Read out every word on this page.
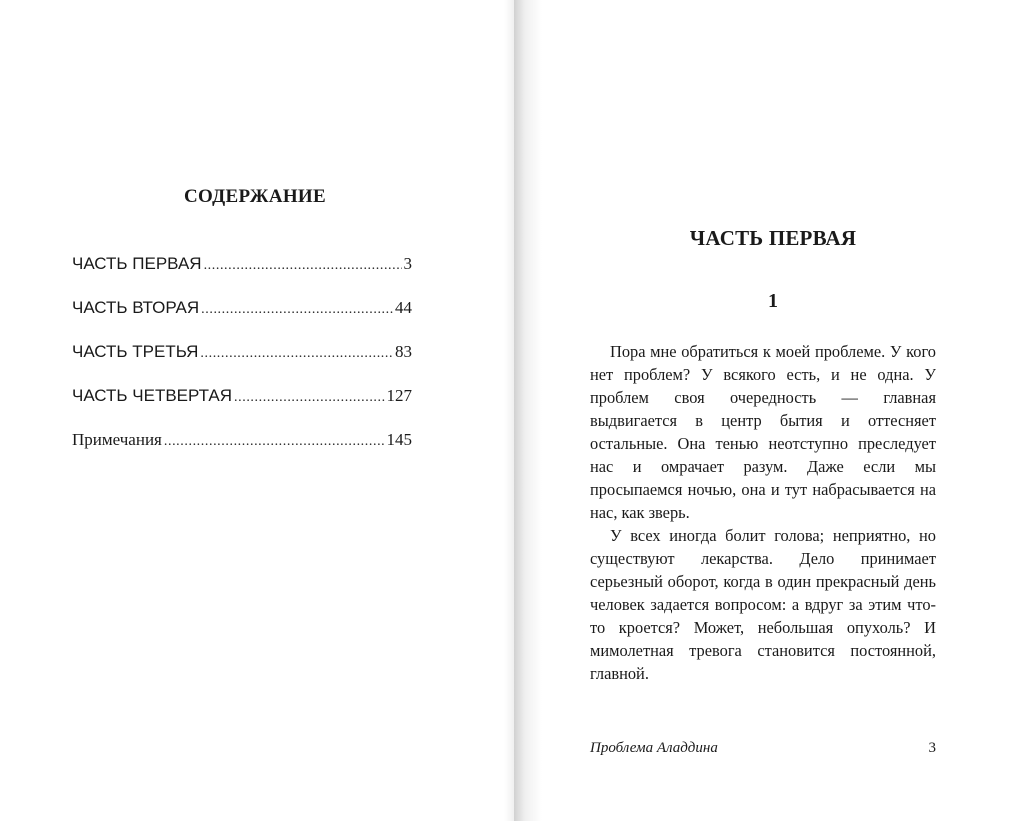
СОДЕРЖАНИЕ
ЧАСТЬ ПЕРВАЯ .....	3
ЧАСТЬ ВТОРАЯ .....	44
ЧАСТЬ ТРЕТЬЯ .....	83
ЧАСТЬ ЧЕТВЕРТАЯ .....	127
Примечания .....	145
ЧАСТЬ ПЕРВАЯ
1

Пора мне обратиться к моей проблеме. У кого нет проблем? У всякого есть, и не одна. У проблем своя очередность — главная выдвигается в центр бытия и оттесняет остальные. Она тенью неотступно преследует нас и омрачает разум. Даже если мы просыпаемся ночью, она и тут набрасывается на нас, как зверь.

У всех иногда болит голова; неприятно, но существуют лекарства. Дело принимает серьезный оборот, когда в один прекрасный день человек задается вопросом: а вдруг за этим что-то кроется? Может, небольшая опухоль? И мимолетная тревога становится постоянной, главной.

Проблема Аладдина	3
